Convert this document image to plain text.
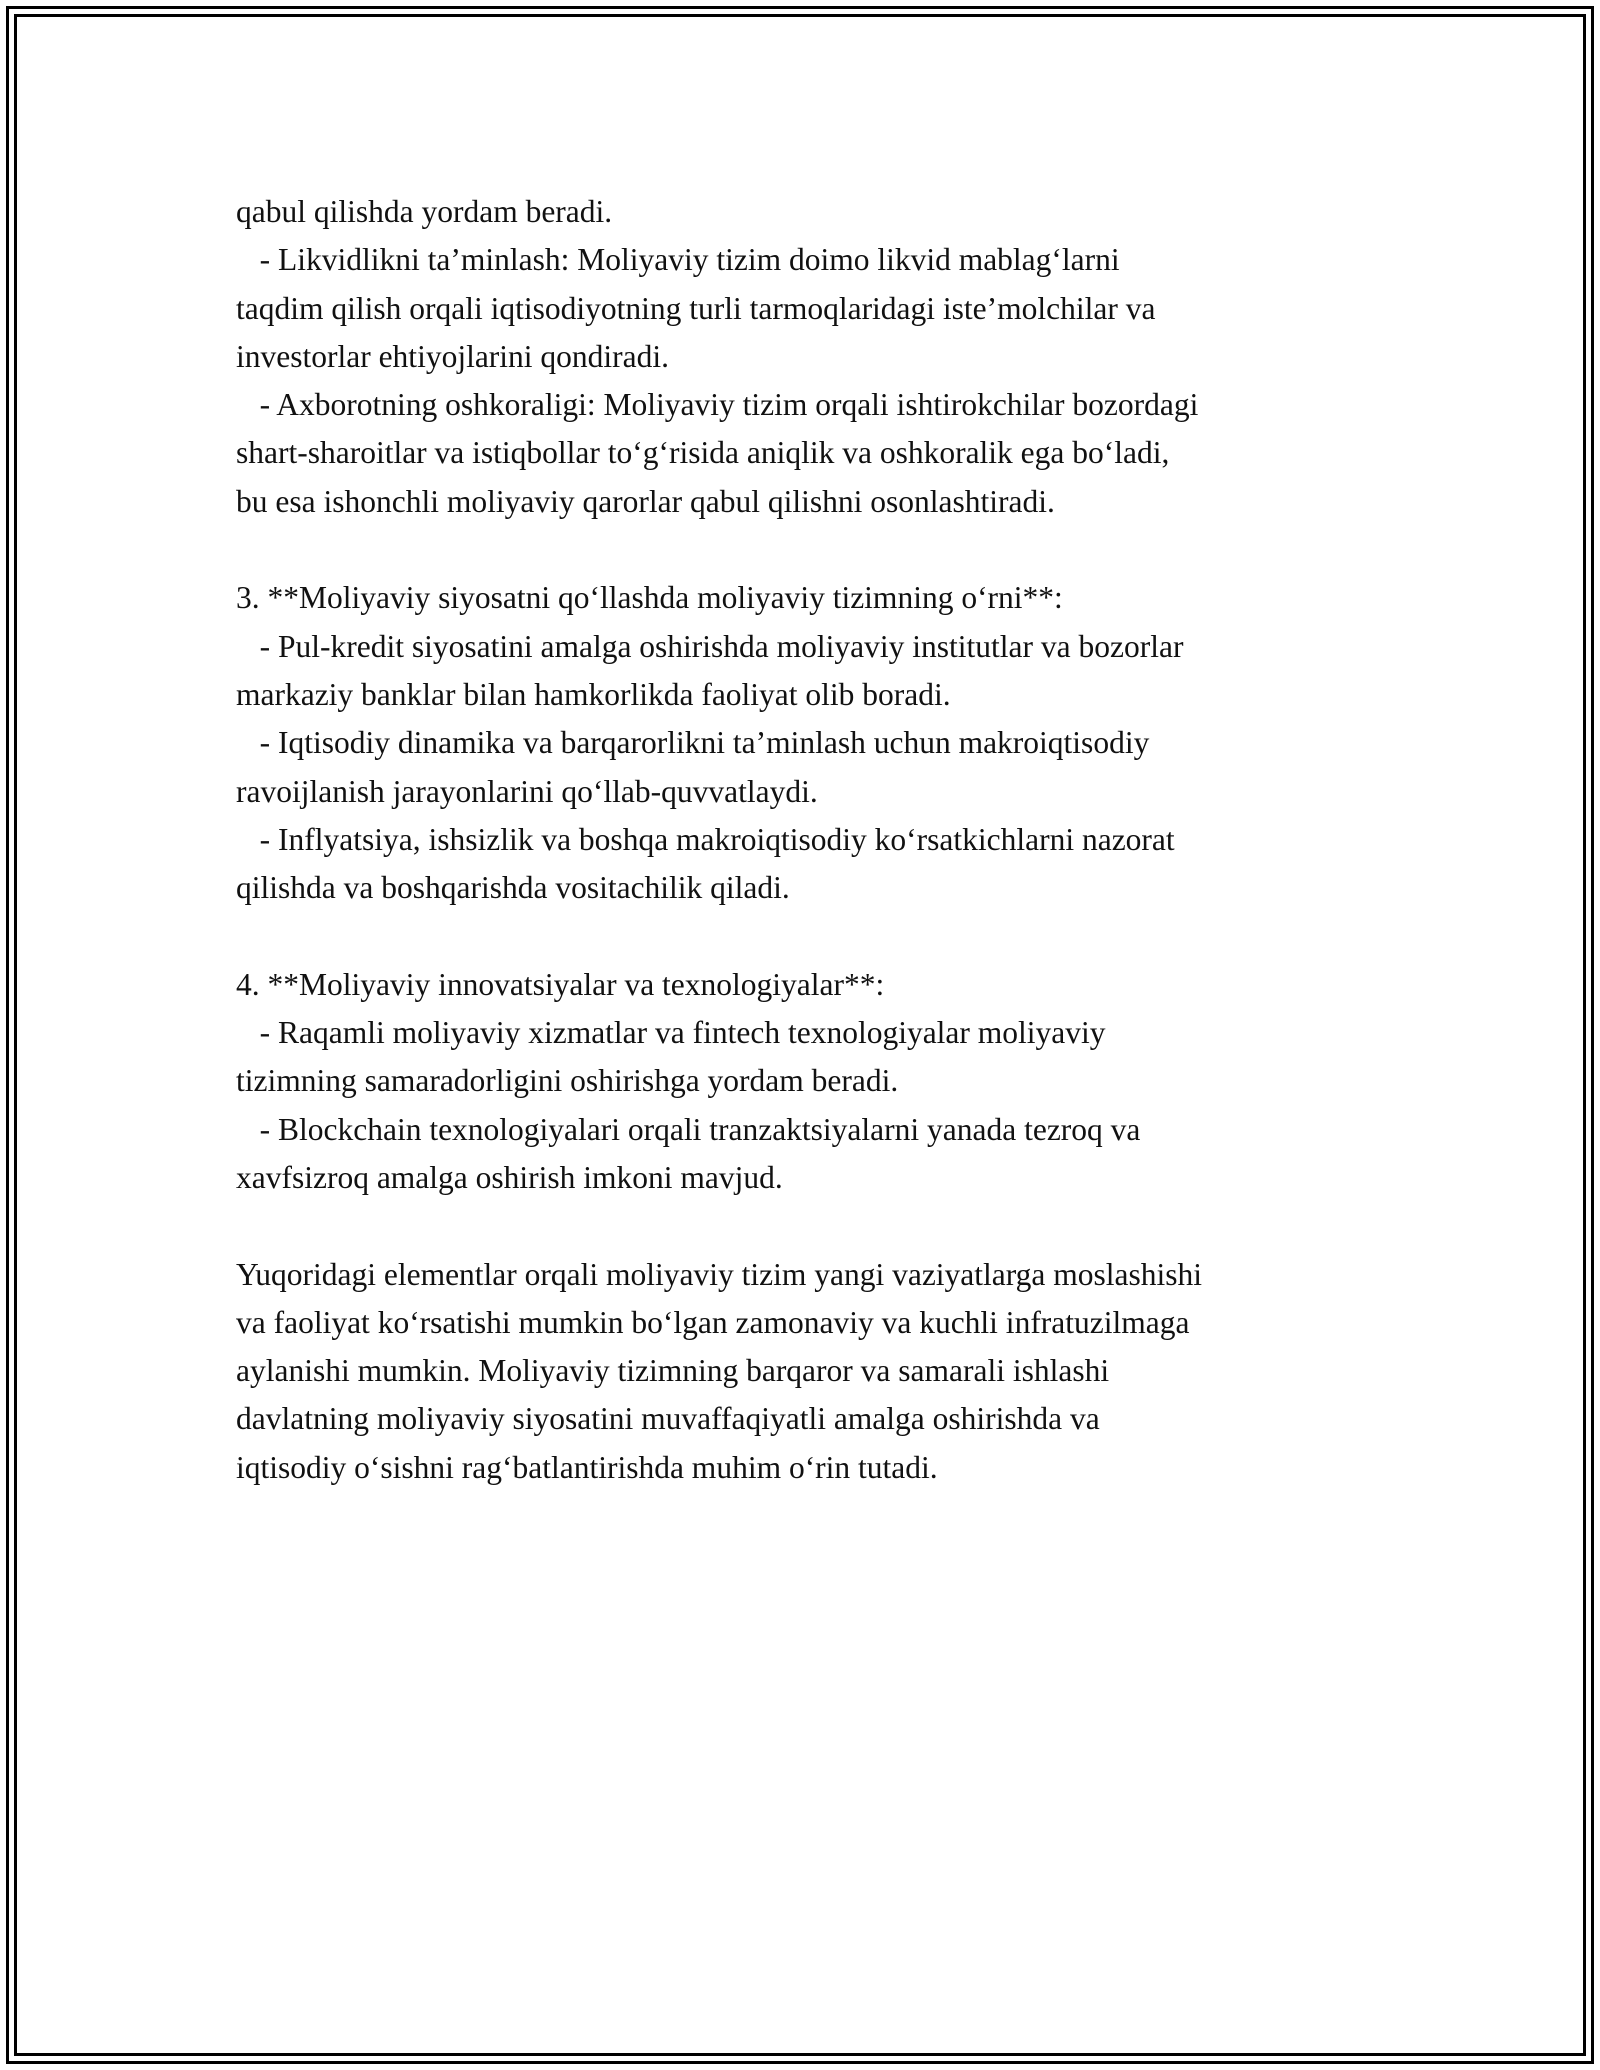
qabul qilishda yordam beradi.
- Likvidlikni ta’minlash: Moliyaviy tizim doimo likvid mablag‘larni
taqdim qilish orqali iqtisodiyotning turli tarmoqlaridagi iste’molchilar va
investorlar ehtiyojlarini qondiradi.
- Axborotning oshkoraligi: Moliyaviy tizim orqali ishtirokchilar bozordagi
shart-sharoitlar va istiqbollar to‘g‘risida aniqlik va oshkoralik ega bo‘ladi,
bu esa ishonchli moliyaviy qarorlar qabul qilishni osonlashtiradi.
3. **Moliyaviy siyosatni qo‘llashda moliyaviy tizimning o‘rni**:
- Pul-kredit siyosatini amalga oshirishda moliyaviy institutlar va bozorlar
markaziy banklar bilan hamkorlikda faoliyat olib boradi.
- Iqtisodiy dinamika va barqarorlikni ta’minlash uchun makroiqtisodiy
ravoijlanish jarayonlarini qo‘llab-quvvatlaydi.
- Inflyatsiya, ishsizlik va boshqa makroiqtisodiy ko‘rsatkichlarni nazorat
qilishda va boshqarishda vositachilik qiladi.
4. **Moliyaviy innovatsiyalar va texnologiyalar**:
- Raqamli moliyaviy xizmatlar va fintech texnologiyalar moliyaviy
tizimning samaradorligini oshirishga yordam beradi.
- Blockchain texnologiyalari orqali tranzaktsiyalarni yanada tezroq va
xavfsizroq amalga oshirish imkoni mavjud.
Yuqoridagi elementlar orqali moliyaviy tizim yangi vaziyatlarga moslashishi
va faoliyat ko‘rsatishi mumkin bo‘lgan zamonaviy va kuchli infratuzilmaga
aylanishi mumkin. Moliyaviy tizimning barqaror va samarali ishlashi
davlatning moliyaviy siyosatini muvaffaqiyatli amalga oshirishda va
iqtisodiy o‘sishni rag‘batlantirishda muhim o‘rin tutadi.
